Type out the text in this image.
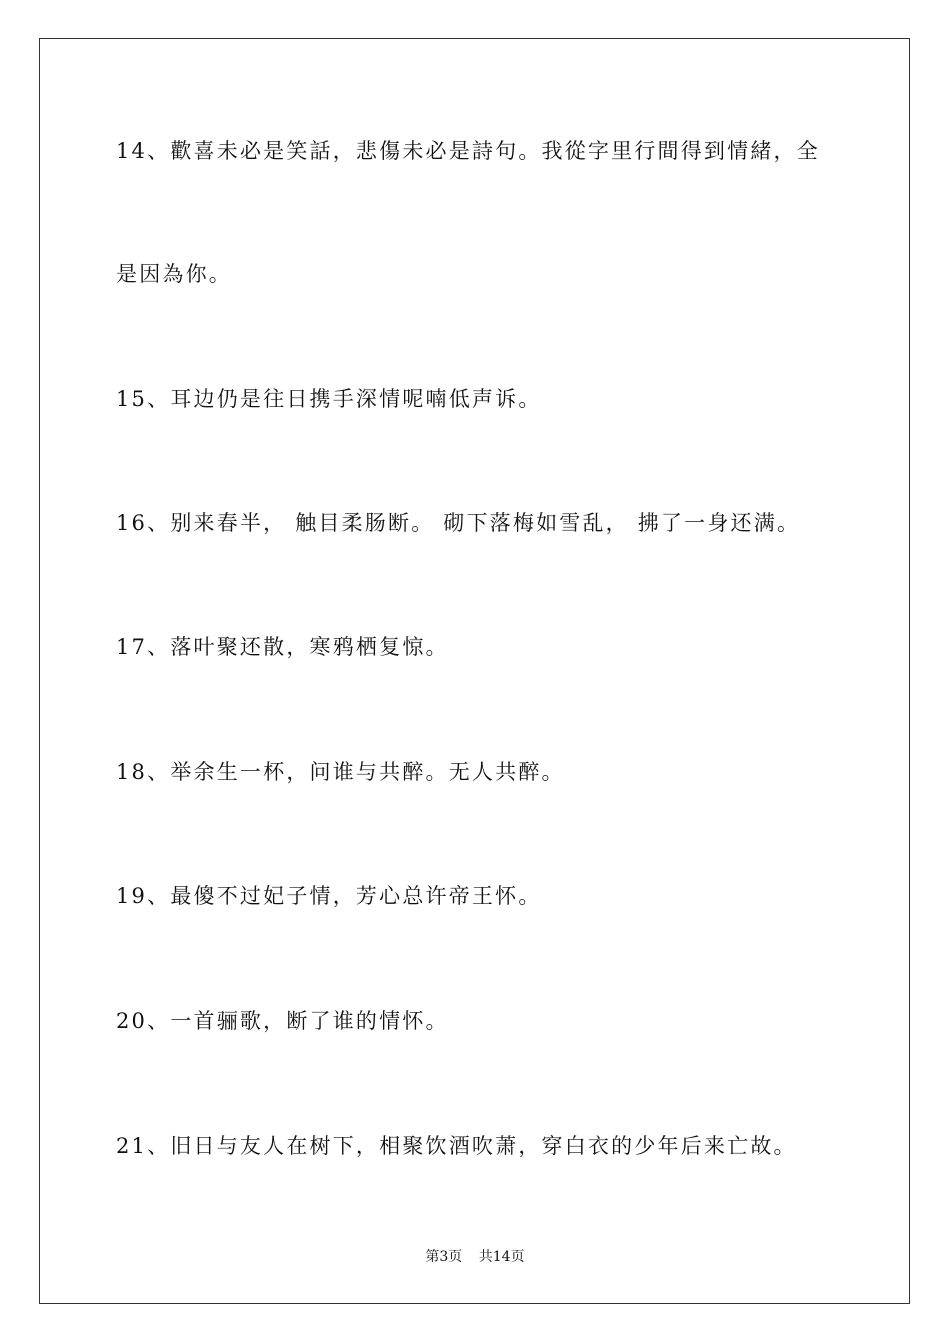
14、歡喜未必是笑話，悲傷未必是詩句。我從字里行間得到情緒，全
是因為你。
15、耳边仍是往日携手深情呢喃低声诉。
16、别来春半， 触目柔肠断。 砌下落梅如雪乱， 拂了一身还满。
17、落叶聚还散，寒鸦栖复惊。
18、举余生一杯，问谁与共醉。无人共醉。
19、最傻不过妃子情，芳心总许帝王怀。
20、一首骊歌，断了谁的情怀。
21、旧日与友人在树下，相聚饮酒吹萧，穿白衣的少年后来亡故。
第3页 共14页
